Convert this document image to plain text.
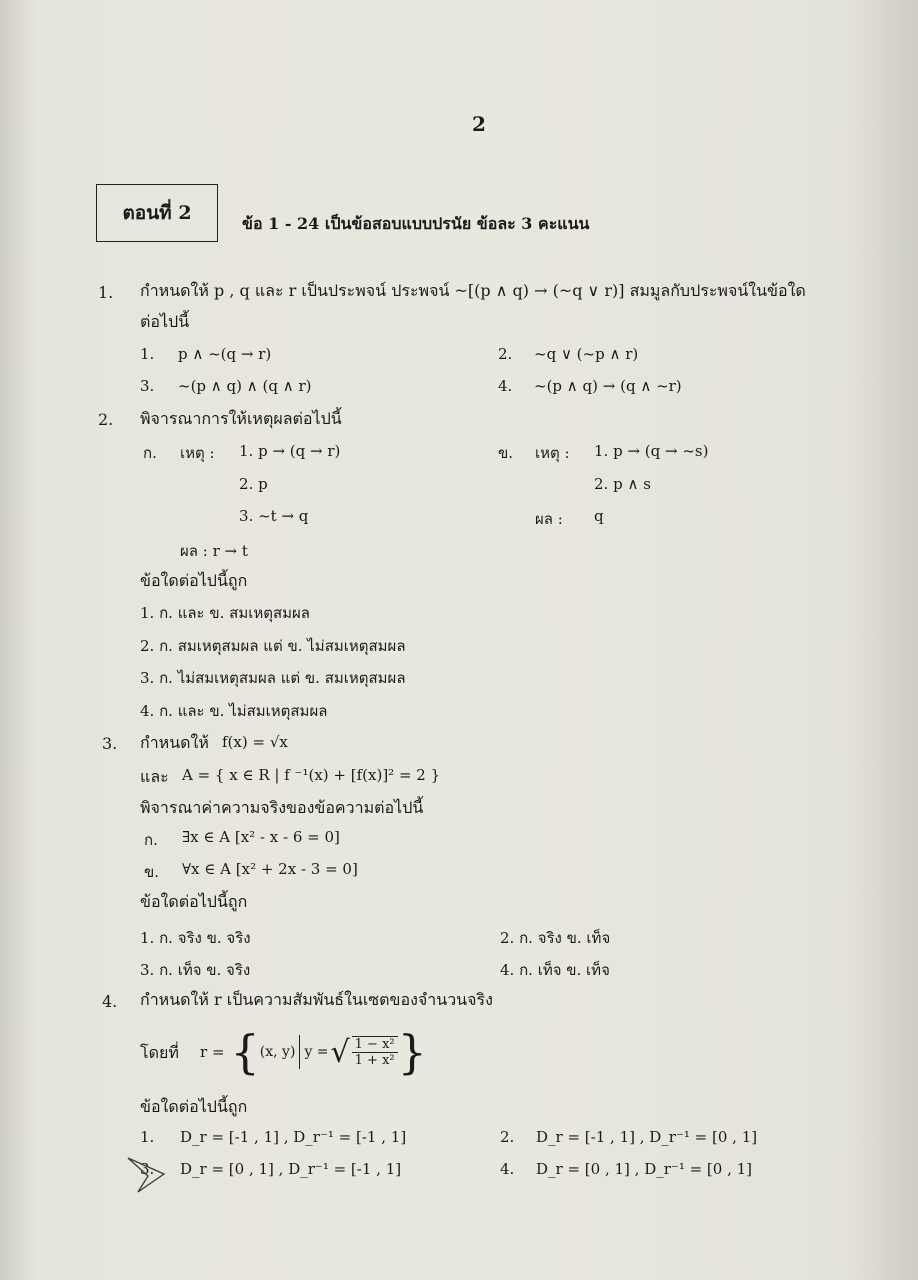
2
ตอนที่ 2	ข้อ 1 - 24 เป็นข้อสอบแบบปรนัย ข้อละ 3 คะแนน
1. กำหนดให้ p , q และ r เป็นประพจน์ ประพจน์ ~[(p ∧ q) → (~q ∨ r)] สมมูลกับประพจน์ในข้อใด
ต่อไปนี้
1. p ∧ ~(q → r)	2. ~q ∨ (~p ∧ r)
3. ~(p ∧ q) ∧ (q ∧ r)	4. ~(p ∧ q) → (q ∧ ~r)
2. พิจารณาการให้เหตุผลต่อไปนี้
ก. เหตุ : 1. p → (q → r)
2. p
3. ~t → q
ผล : r → t
ข. เหตุ : 1. p → (q → ~s)
2. p ∧ s
ผล : q
ข้อใดต่อไปนี้ถูก
1. ก. และ ข. สมเหตุสมผล
2. ก. สมเหตุสมผล แต่ ข. ไม่สมเหตุสมผล
3. ก. ไม่สมเหตุสมผล แต่ ข. สมเหตุสมผล
4. ก. และ ข. ไม่สมเหตุสมผล
3. กำหนดให้ f(x) = √x
และ A = { x ∈ R | f ⁻¹(x) + [f(x)]² = 2 }
พิจารณาค่าความจริงของข้อความต่อไปนี้
ก. ∃x ∈ A [x² - x - 6 = 0]
ข. ∀x ∈ A [x² + 2x - 3 = 0]
ข้อใดต่อไปนี้ถูก
1. ก. จริง ข. จริง	2. ก. จริง ข. เท็จ
3. ก. เท็จ ข. จริง	4. ก. เท็จ ข. เท็จ
4. กำหนดให้ r เป็นความสัมพันธ์ในเซตของจำนวนจริง
โดยที่ r = { (x, y) y = √ $\frac{\text{1 − x²}}{\text{1 + x²}}$ }
ข้อใดต่อไปนี้ถูก
1. D_r = [-1 , 1] , D_r⁻¹ = [-1 , 1]	2. D_r = [-1 , 1] , D_r⁻¹ = [0 , 1]
3. D_r = [0 , 1] , D_r⁻¹ = [-1 , 1]	4. D_r = [0 , 1] , D_r⁻¹ = [0 , 1]
